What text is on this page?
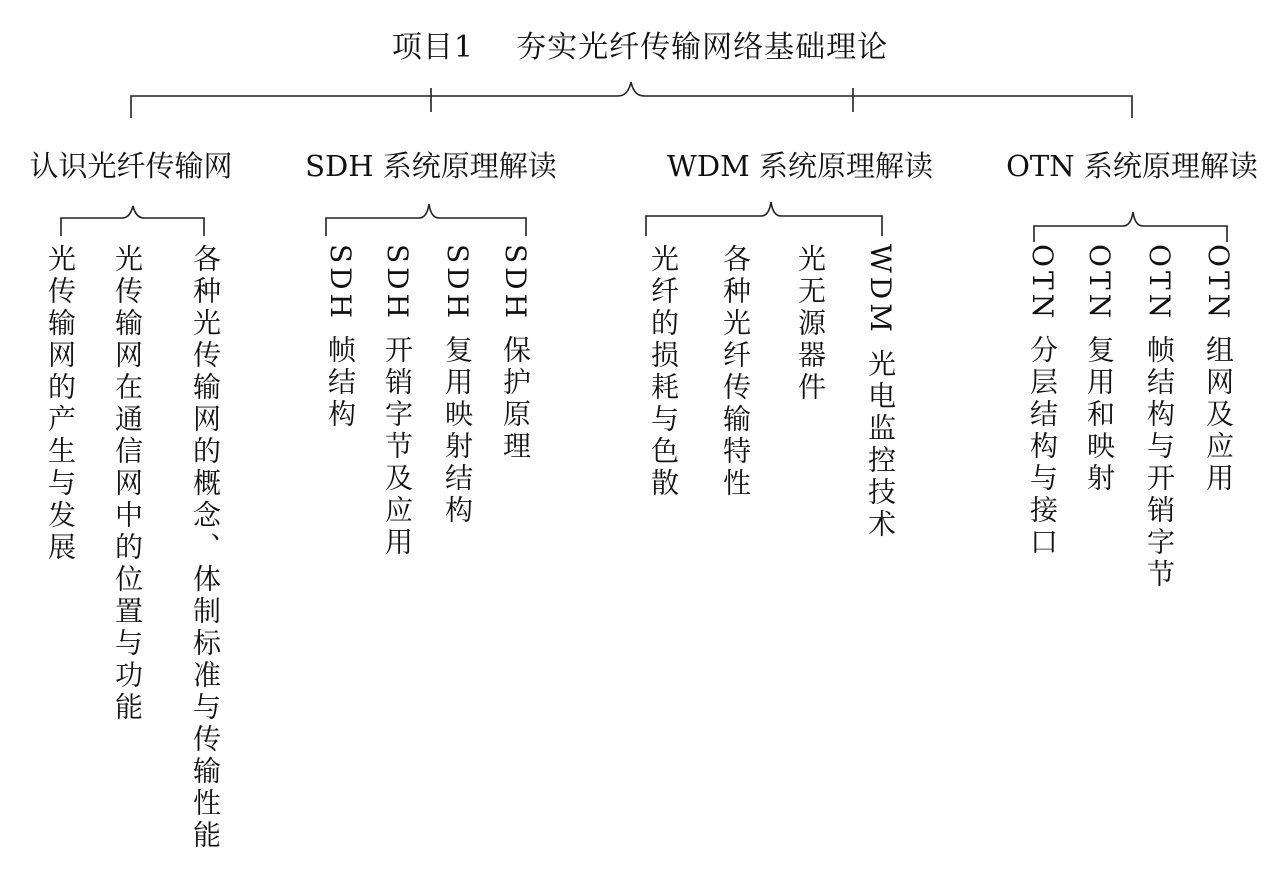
项目1    夯实光纤传输网络基础理论
认识光纤传输网	SDH 系统原理解读	WDM 系统原理解读	OTN 系统原理解读
光传输网的产生与发展 光传输网在通信网中的位置与功能 各种光传输网的概念、体制标准与传输性能	SDH 帧结构 SDH 开销字节及应用 SDH 复用映射结构 SDH 保护原理	光纤的损耗与色散 各种光纤传输特性 光无源器件 WDM 光电监控技术	OTN 分层结构与接口 OTN 复用和映射 OTN 帧结构与开销字节 OTN 组网及应用
